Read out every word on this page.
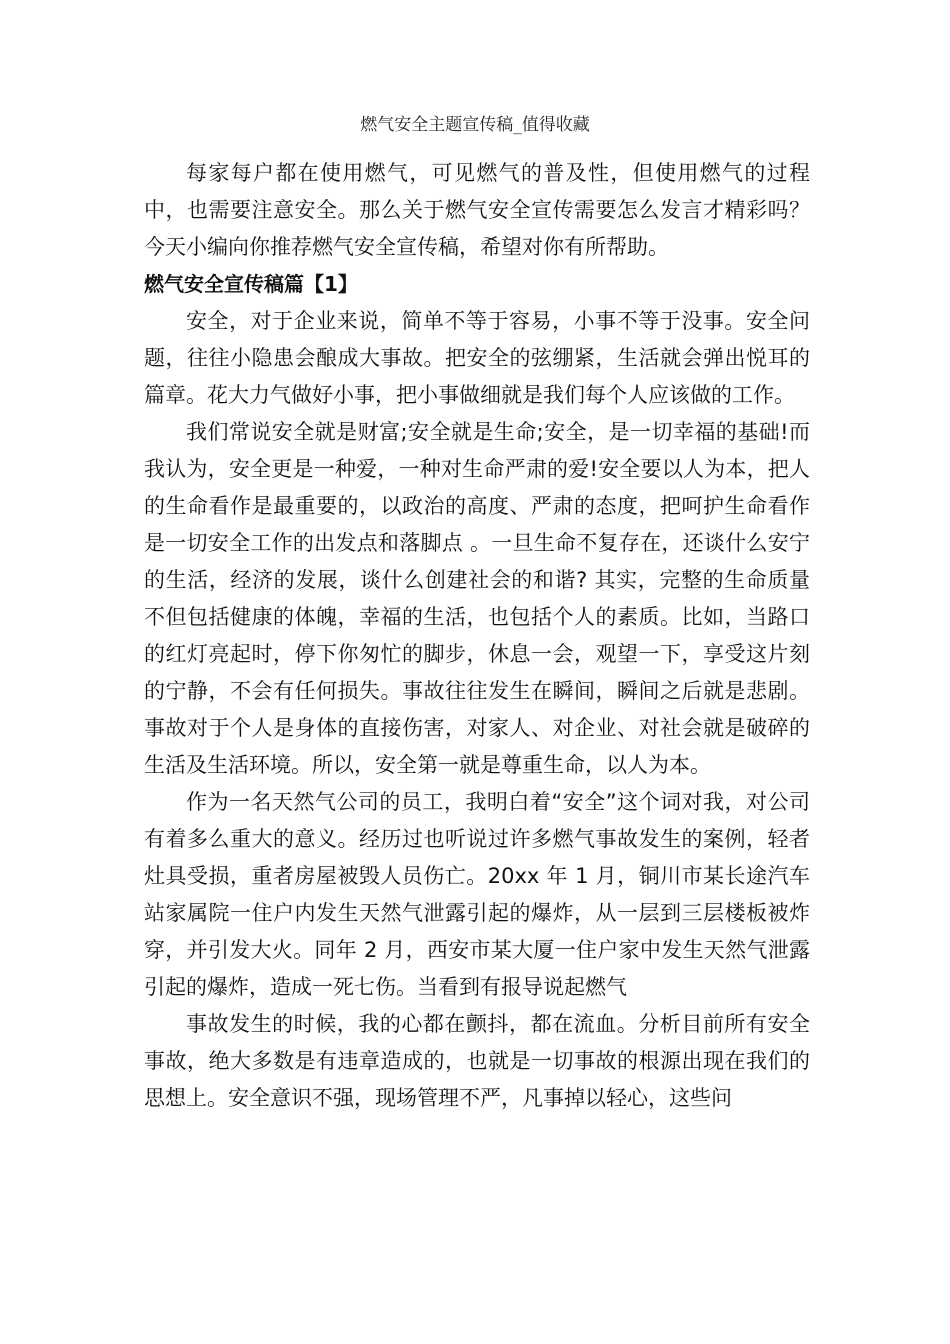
燃气安全主题宣传稿_值得收藏

每家每户都在使用燃气，可见燃气的普及性，但使用燃气的过程中，也需要注意安全。那么关于燃气安全宣传需要怎么发言才精彩吗？今天小编向你推荐燃气安全宣传稿，希望对你有所帮助。

燃气安全宣传稿篇【1】

安全，对于企业来说，简单不等于容易，小事不等于没事。安全问题，往往小隐患会酿成大事故。把安全的弦绷紧，生活就会弹出悦耳的篇章。花大力气做好小事，把小事做细就是我们每个人应该做的工作。

我们常说安全就是财富;安全就是生命;安全，是一切幸福的基础!而我认为，安全更是一种爱，一种对生命严肃的爱!安全要以人为本，把人的生命看作是最重要的，以政治的高度、严肃的态度，把呵护生命看作是一切安全工作的出发点和落脚点 。一旦生命不复存在，还谈什么安宁的生活，经济的发展，谈什么创建社会的和谐? 其实，完整的生命质量不但包括健康的体魄，幸福的生活，也包括个人的素质。比如，当路口的红灯亮起时，停下你匆忙的脚步，休息一会，观望一下，享受这片刻的宁静，不会有任何损失。事故往往发生在瞬间，瞬间之后就是悲剧。事故对于个人是身体的直接伤害，对家人、对企业、对社会就是破碎的生活及生活环境。所以，安全第一就是尊重生命，以人为本。

作为一名天然气公司的员工，我明白着“安全”这个词对我，对公司有着多么重大的意义。经历过也听说过许多燃气事故发生的案例，轻者灶具受损，重者房屋被毁人员伤亡。20xx 年 1 月，铜川市某长途汽车站家属院一住户内发生天然气泄露引起的爆炸，从一层到三层楼板被炸穿，并引发大火。同年 2 月，西安市某大厦一住户家中发生天然气泄露引起的爆炸，造成一死七伤。当看到有报导说起燃气

事故发生的时候，我的心都在颤抖，都在流血。分析目前所有安全事故，绝大多数是有违章造成的，也就是一切事故的根源出现在我们的思想上。安全意识不强，现场管理不严，凡事掉以轻心，这些问
